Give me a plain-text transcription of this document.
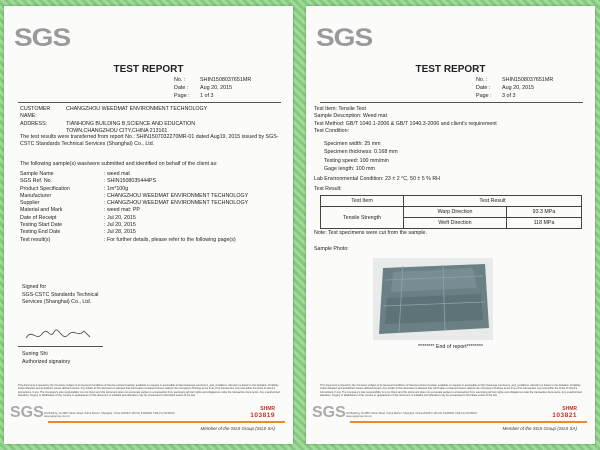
SGS
TEST REPORT
No. :	SHIN1508037651MR
Date : Aug 20, 2015
Page : 1 of 3
CUSTOMER NAME:CHANGZHOU WEEDMAT ENVIRONMENT TECHNOLOGY
ADDRESS:	TIANHONG BUILDING B,SCIENCE AND EDUCATION
TOWN,CHANGZHOU CITY,CHINA 213161
The test results were transferred from report No.: SHIN1507032270MR-01 dated Aug19, 2015 issued by SGS-CSTC Standards Technical Services (Shanghai) Co., Ltd.
The following sample(s) was/were submitted and identified on behalf of the client as:
Sample Name	: weed mat
SGS Ref. No.	: SHIN1508035444PS
Product Specification	: 1m*100g
Manufacturer	: CHANGZHOU WEEDMAT ENVIRONMENT TECHNOLOGY
Supplier	: CHANGZHOU WEEDMAT ENVIRONMENT TECHNOLOGY
Material and Mark	: weed mat: PP
Date of Receipt	: Jul 20, 2015
Testing Start Date	: Jul 20, 2015
Testing End Date	: Jul 28, 2015
Test result(s)	: For further details, please refer to the following page(s)
Signed for
SGS-CSTC Standards Technical
Services (Shanghai) Co., Ltd.
Suning Shi
Authorized signatory
This document is issued by the Company subject to its General Conditions of Service printed overleaf, available on request or accessible at http://www.sgs.com/terms_and_conditions. Attention is drawn to the limitation of liability, indemnification and jurisdiction issues defined therein. Any holder of this document is advised that information contained hereon reflects the Company's findings at the time of its intervention only and within the limits of Client's instructions, if any. The Company's sole responsibility is to its Client and this document does not exonerate parties to a transaction from exercising all their rights and obligations under the transaction documents. Any unauthorized alteration, forgery or falsification of the content or appearance of this document is unlawful and offenders may be prosecuted to the fullest extent of the law.
SGS 3rd Building, No.889 Yishan Road, Xuhui District, Shanghai, China 200233 t (86-21) 61196000 f (86-21) 61196001 www.sgsgroup.com.cn
SHMR
103819
Member of the SGS Group (SGS SA)
SGS
TEST REPORT
No. :	SHIN1508037651MR
Date : Aug 20, 2015
Page : 3 of 3
Test Item: Tensile Test
Sample Description: Weed mat
Test Method: GB/T 1040.1-2006 & GB/T 1040.3-2006 and client's requirement
Test Condition:
Specimen width: 25 mm
Specimen thickness: 0.168 mm
Testing speed: 100 mm/min
Gage length: 100 mm
Lab Environmental Condition: 23 ± 2 °C, 50 ± 5 % RH
Test Result:
Test Item	Test Result	
Tensile Strength	Warp Direction	93.3 MPa
	Weft Direction	118 MPa
Note: Test specimens were cut from the sample.
Sample Photo:
******** End of report********
This document is issued by the Company subject to its General Conditions of Service printed overleaf, available on request or accessible at http://www.sgs.com/terms_and_conditions. Attention is drawn to the limitation of liability, indemnification and jurisdiction issues defined therein. Any holder of this document is advised that information contained hereon reflects the Company's findings at the time of its intervention only and within the limits of Client's instructions, if any. The Company's sole responsibility is to its Client and this document does not exonerate parties to a transaction from exercising all their rights and obligations under the transaction documents. Any unauthorized alteration, forgery or falsification of the content or appearance of this document is unlawful and offenders may be prosecuted to the fullest extent of the law.
SGS 3rd Building, No.889 Yishan Road, Xuhui District, Shanghai, China 200233 t (86-21) 61196000 f (86-21) 61196001 www.sgsgroup.com.cn
SHMR
103821
Member of the SGS Group (SGS SA)
